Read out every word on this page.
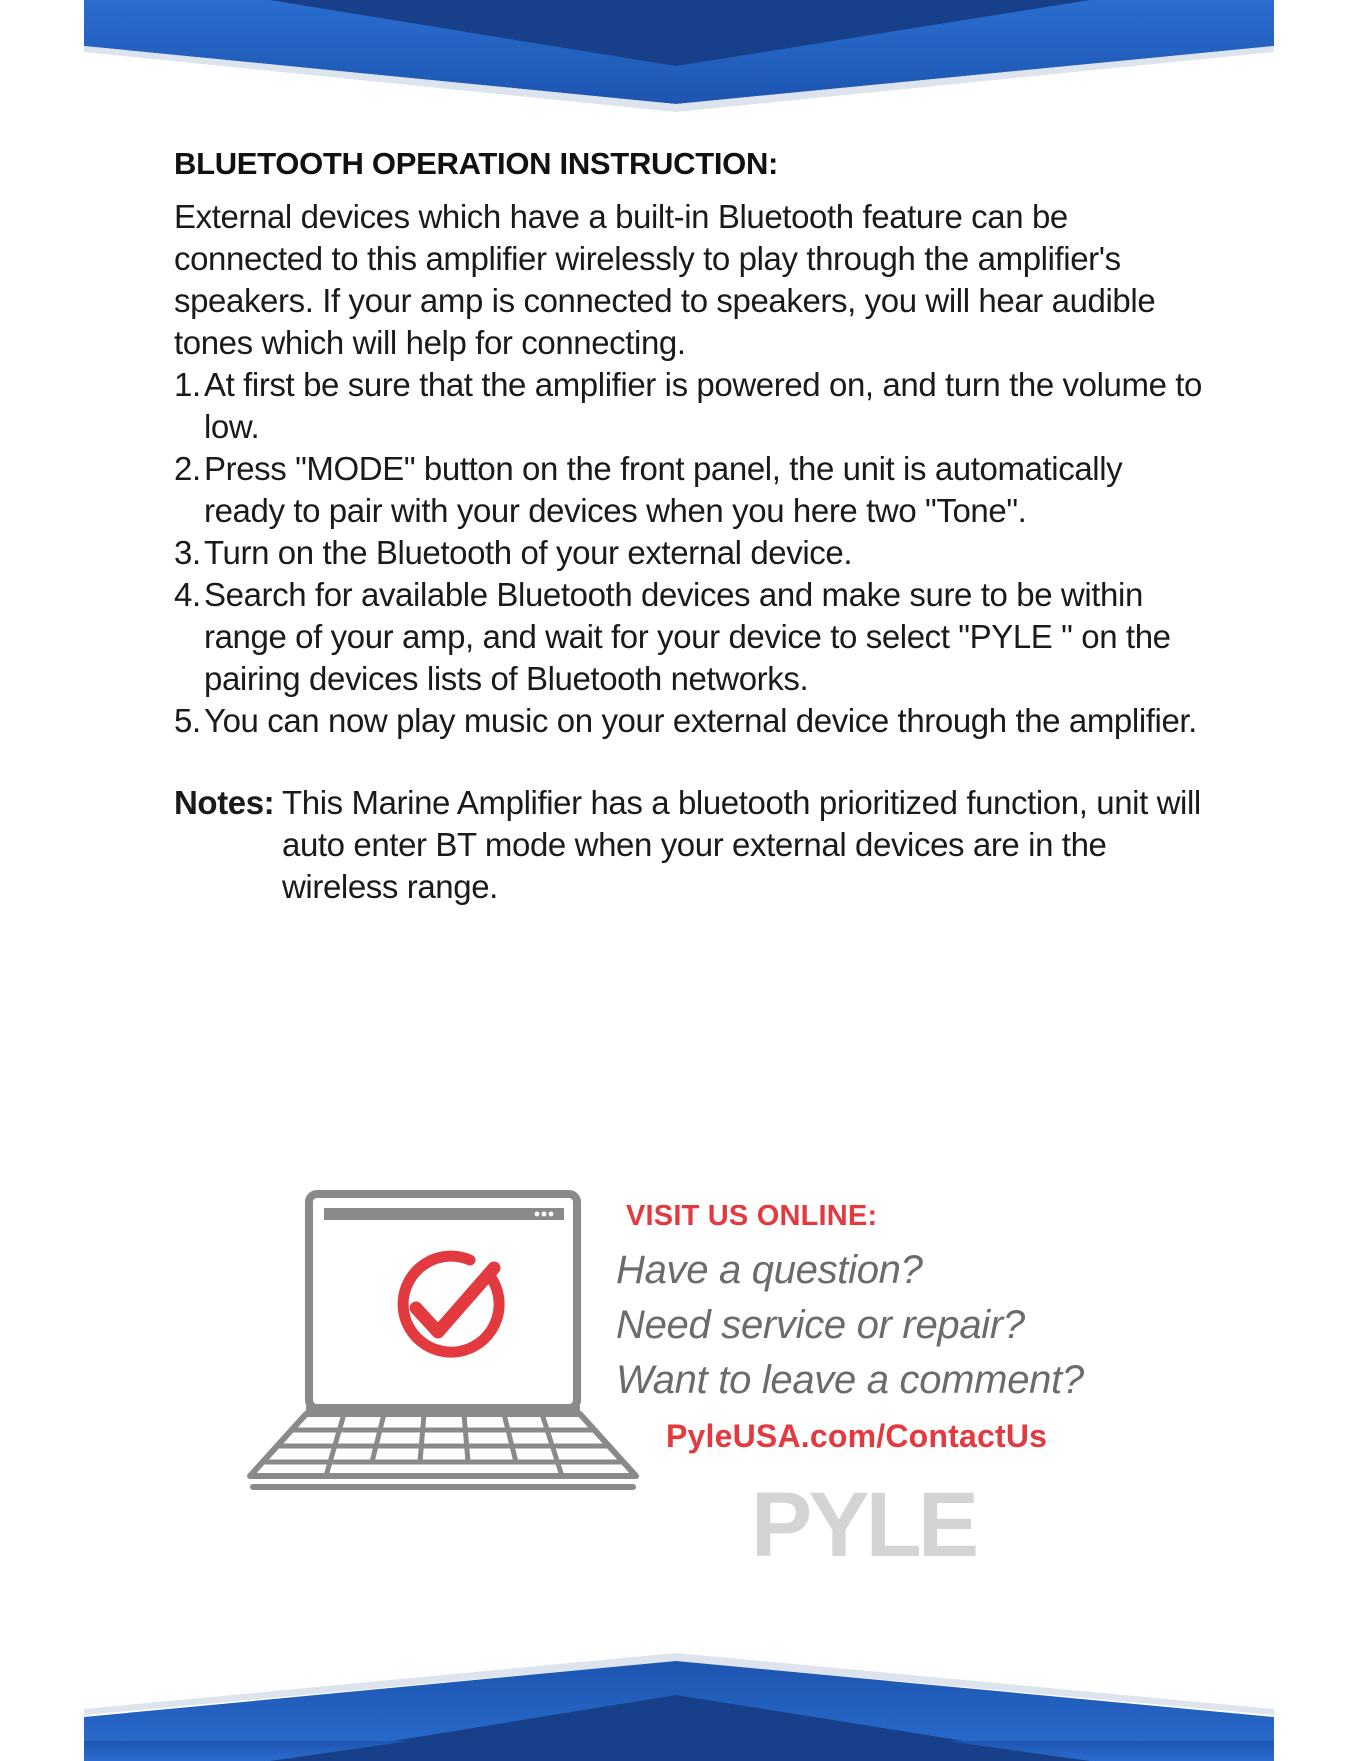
BLUETOOTH OPERATION INSTRUCTION:

External devices which have a built-in Bluetooth feature can be connected to this amplifier wirelessly to play through the amplifier's speakers. If your amp is connected to speakers, you will hear audible tones which will help for connecting.

1. At first be sure that the amplifier is powered on, and turn the volume to low.
2. Press "MODE" button on the front panel, the unit is automatically ready to pair with your devices when you here two "Tone".
3. Turn on the Bluetooth of your external device.
4. Search for available Bluetooth devices and make sure to be within range of your amp, and wait for your device to select "PYLE " on the pairing devices lists of Bluetooth networks.
5. You can now play music on your external device through the amplifier.
Notes: This Marine Amplifier has a bluetooth prioritized function, unit will auto enter BT mode when your external devices are in the wireless range.
VISIT US ONLINE:
Have a question?
Need service or repair?
Want to leave a comment?
PyleUSA.com/ContactUs
PYLE
